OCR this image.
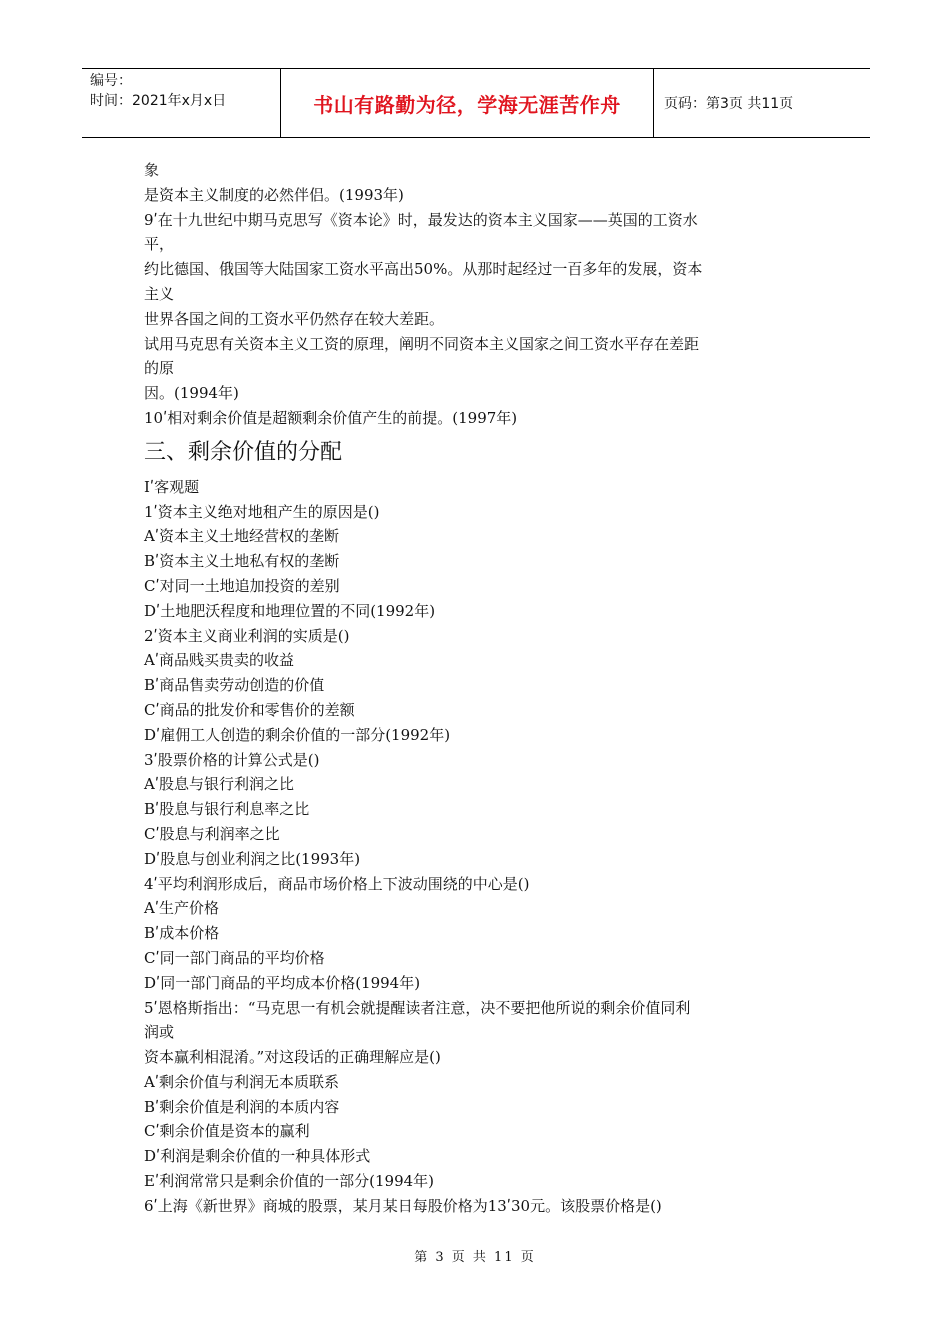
编号：
时间：2021年x月x日	书山有路勤为径，学海无涯苦作舟	页码：第3页 共11页
象
是资本主义制度的必然伴侣。(1993年)
9ʹ在十九世纪中期马克思写《资本论》时，最发达的资本主义国家——英国的工资水
平，
约比德国、俄国等大陆国家工资水平高出50%。从那时起经过一百多年的发展，资本
主义
世界各国之间的工资水平仍然存在较大差距。
试用马克思有关资本主义工资的原理，阐明不同资本主义国家之间工资水平存在差距
的原
因。(1994年)
10ʹ相对剩余价值是超额剩余价值产生的前提。(1997年)
三、剩余价值的分配
Iʹ客观题
1ʹ资本主义绝对地租产生的原因是()
Aʹ资本主义土地经营权的垄断
Bʹ资本主义土地私有权的垄断
Cʹ对同一土地追加投资的差别
Dʹ土地肥沃程度和地理位置的不同(1992年)
2ʹ资本主义商业利润的实质是()
Aʹ商品贱买贵卖的收益
Bʹ商品售卖劳动创造的价值
Cʹ商品的批发价和零售价的差额
Dʹ雇佣工人创造的剩余价值的一部分(1992年)
3ʹ股票价格的计算公式是()
Aʹ股息与银行利润之比
Bʹ股息与银行利息率之比
Cʹ股息与利润率之比
Dʹ股息与创业利润之比(1993年)
4ʹ平均利润形成后，商品市场价格上下波动围绕的中心是()
Aʹ生产价格
Bʹ成本价格
Cʹ同一部门商品的平均价格
Dʹ同一部门商品的平均成本价格(1994年)
5ʹ恩格斯指出：“马克思一有机会就提醒读者注意，决不要把他所说的剩余价值同利
润或
资本赢利相混淆。”对这段话的正确理解应是()
Aʹ剩余价值与利润无本质联系
Bʹ剩余价值是利润的本质内容
Cʹ剩余价值是资本的赢利
Dʹ利润是剩余价值的一种具体形式
Eʹ利润常常只是剩余价值的一部分(1994年)
6ʹ上海《新世界》商城的股票，某月某日每股价格为13ʹ30元。该股票价格是()
第 3 页 共 11 页
